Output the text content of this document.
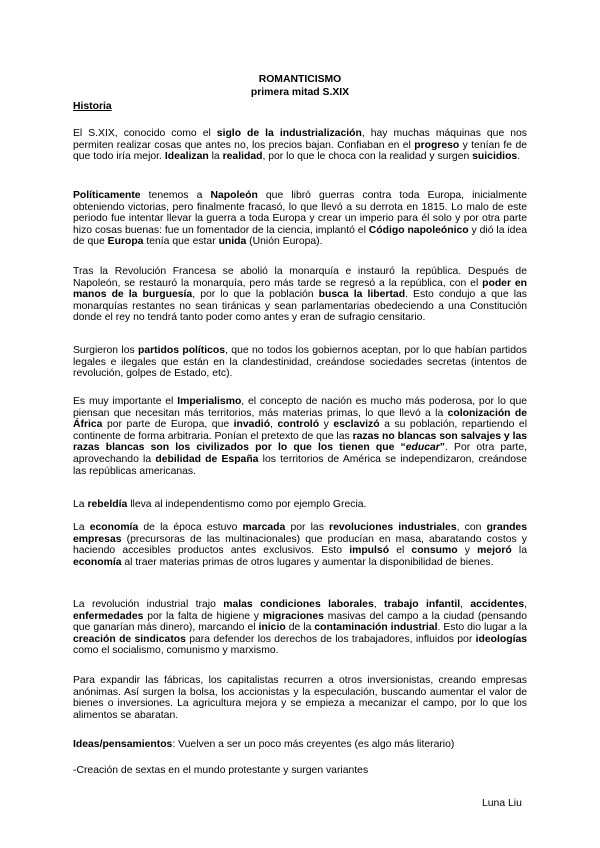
ROMANTICISMO
primera mitad S.XIX
Historia

El S.XIX, conocido como el siglo de la industrialización, hay muchas máquinas que nos permiten realizar cosas que antes no, los precios bajan. Confiaban en el progreso y tenían fe de que todo iría mejor. Idealizan la realidad, por lo que le choca con la realidad y surgen suicidios.

Políticamente tenemos a Napoleón que libró guerras contra toda Europa, inicialmente obteniendo victorias, pero finalmente fracasó, lo que llevó a su derrota en 1815. Lo malo de este periodo fue intentar llevar la guerra a toda Europa y crear un imperio para él solo y por otra parte hizo cosas buenas: fue un fomentador de la ciencia, implantó el Código napoleónico y dió la idea de que Europa tenía que estar unida (Unión Europa).

Tras la Revolución Francesa se abolió la monarquía e instauró la república. Después de Napoleón, se restauró la monarquía, pero más tarde se regresó a la república, con el poder en manos de la burguesía, por lo que la población busca la libertad. Esto condujo a que las monarquías restantes no sean tiránicas y sean parlamentarias obedeciendo a una Constitución donde el rey no tendrá tanto poder como antes y eran de sufragio censitario.

Surgieron los partidos políticos, que no todos los gobiernos aceptan, por lo que habían partidos legales e ilegales que están en la clandestinidad, creándose sociedades secretas (intentos de revolución, golpes de Estado, etc).

Es muy importante el Imperialismo, el concepto de nación es mucho más poderosa, por lo que piensan que necesitan más territorios, más materias primas, lo que llevó a la colonización de África por parte de Europa, que invadió, controló y esclavizó a su población, repartiendo el continente de forma arbitraria. Ponían el pretexto de que las razas no blancas son salvajes y las razas blancas son los civilizados por lo que los tienen que “educar”. Por otra parte, aprovechando la debilidad de España los territorios de América se independizaron, creándose las repúblicas americanas.

La rebeldía lleva al independentismo como por ejemplo Grecia.

La economía de la época estuvo marcada por las revoluciones industriales, con grandes empresas (precursoras de las multinacionales) que producían en masa, abaratando costos y haciendo accesibles productos antes exclusivos. Esto impulsó el consumo y mejoró la economía al traer materias primas de otros lugares y aumentar la disponibilidad de bienes.

La revolución industrial trajo malas condiciones laborales, trabajo infantil, accidentes, enfermedades por la falta de higiene y migraciones masivas del campo a la ciudad (pensando que ganarían más dinero), marcando el inicio de la contaminación industrial. Esto dio lugar a la creación de sindicatos para defender los derechos de los trabajadores, influidos por ideologías como el socialismo, comunismo y marxismo.

Para expandir las fábricas, los capitalistas recurren a otros inversionistas, creando empresas anónimas. Así surgen la bolsa, los accionistas y la especulación, buscando aumentar el valor de bienes o inversiones. La agricultura mejora y se empieza a mecanizar el campo, por lo que los alimentos se abaratan.

Ideas/pensamientos: Vuelven a ser un poco más creyentes (es algo más literario)

-Creación de sextas en el mundo protestante y surgen variantes

Luna Liu
